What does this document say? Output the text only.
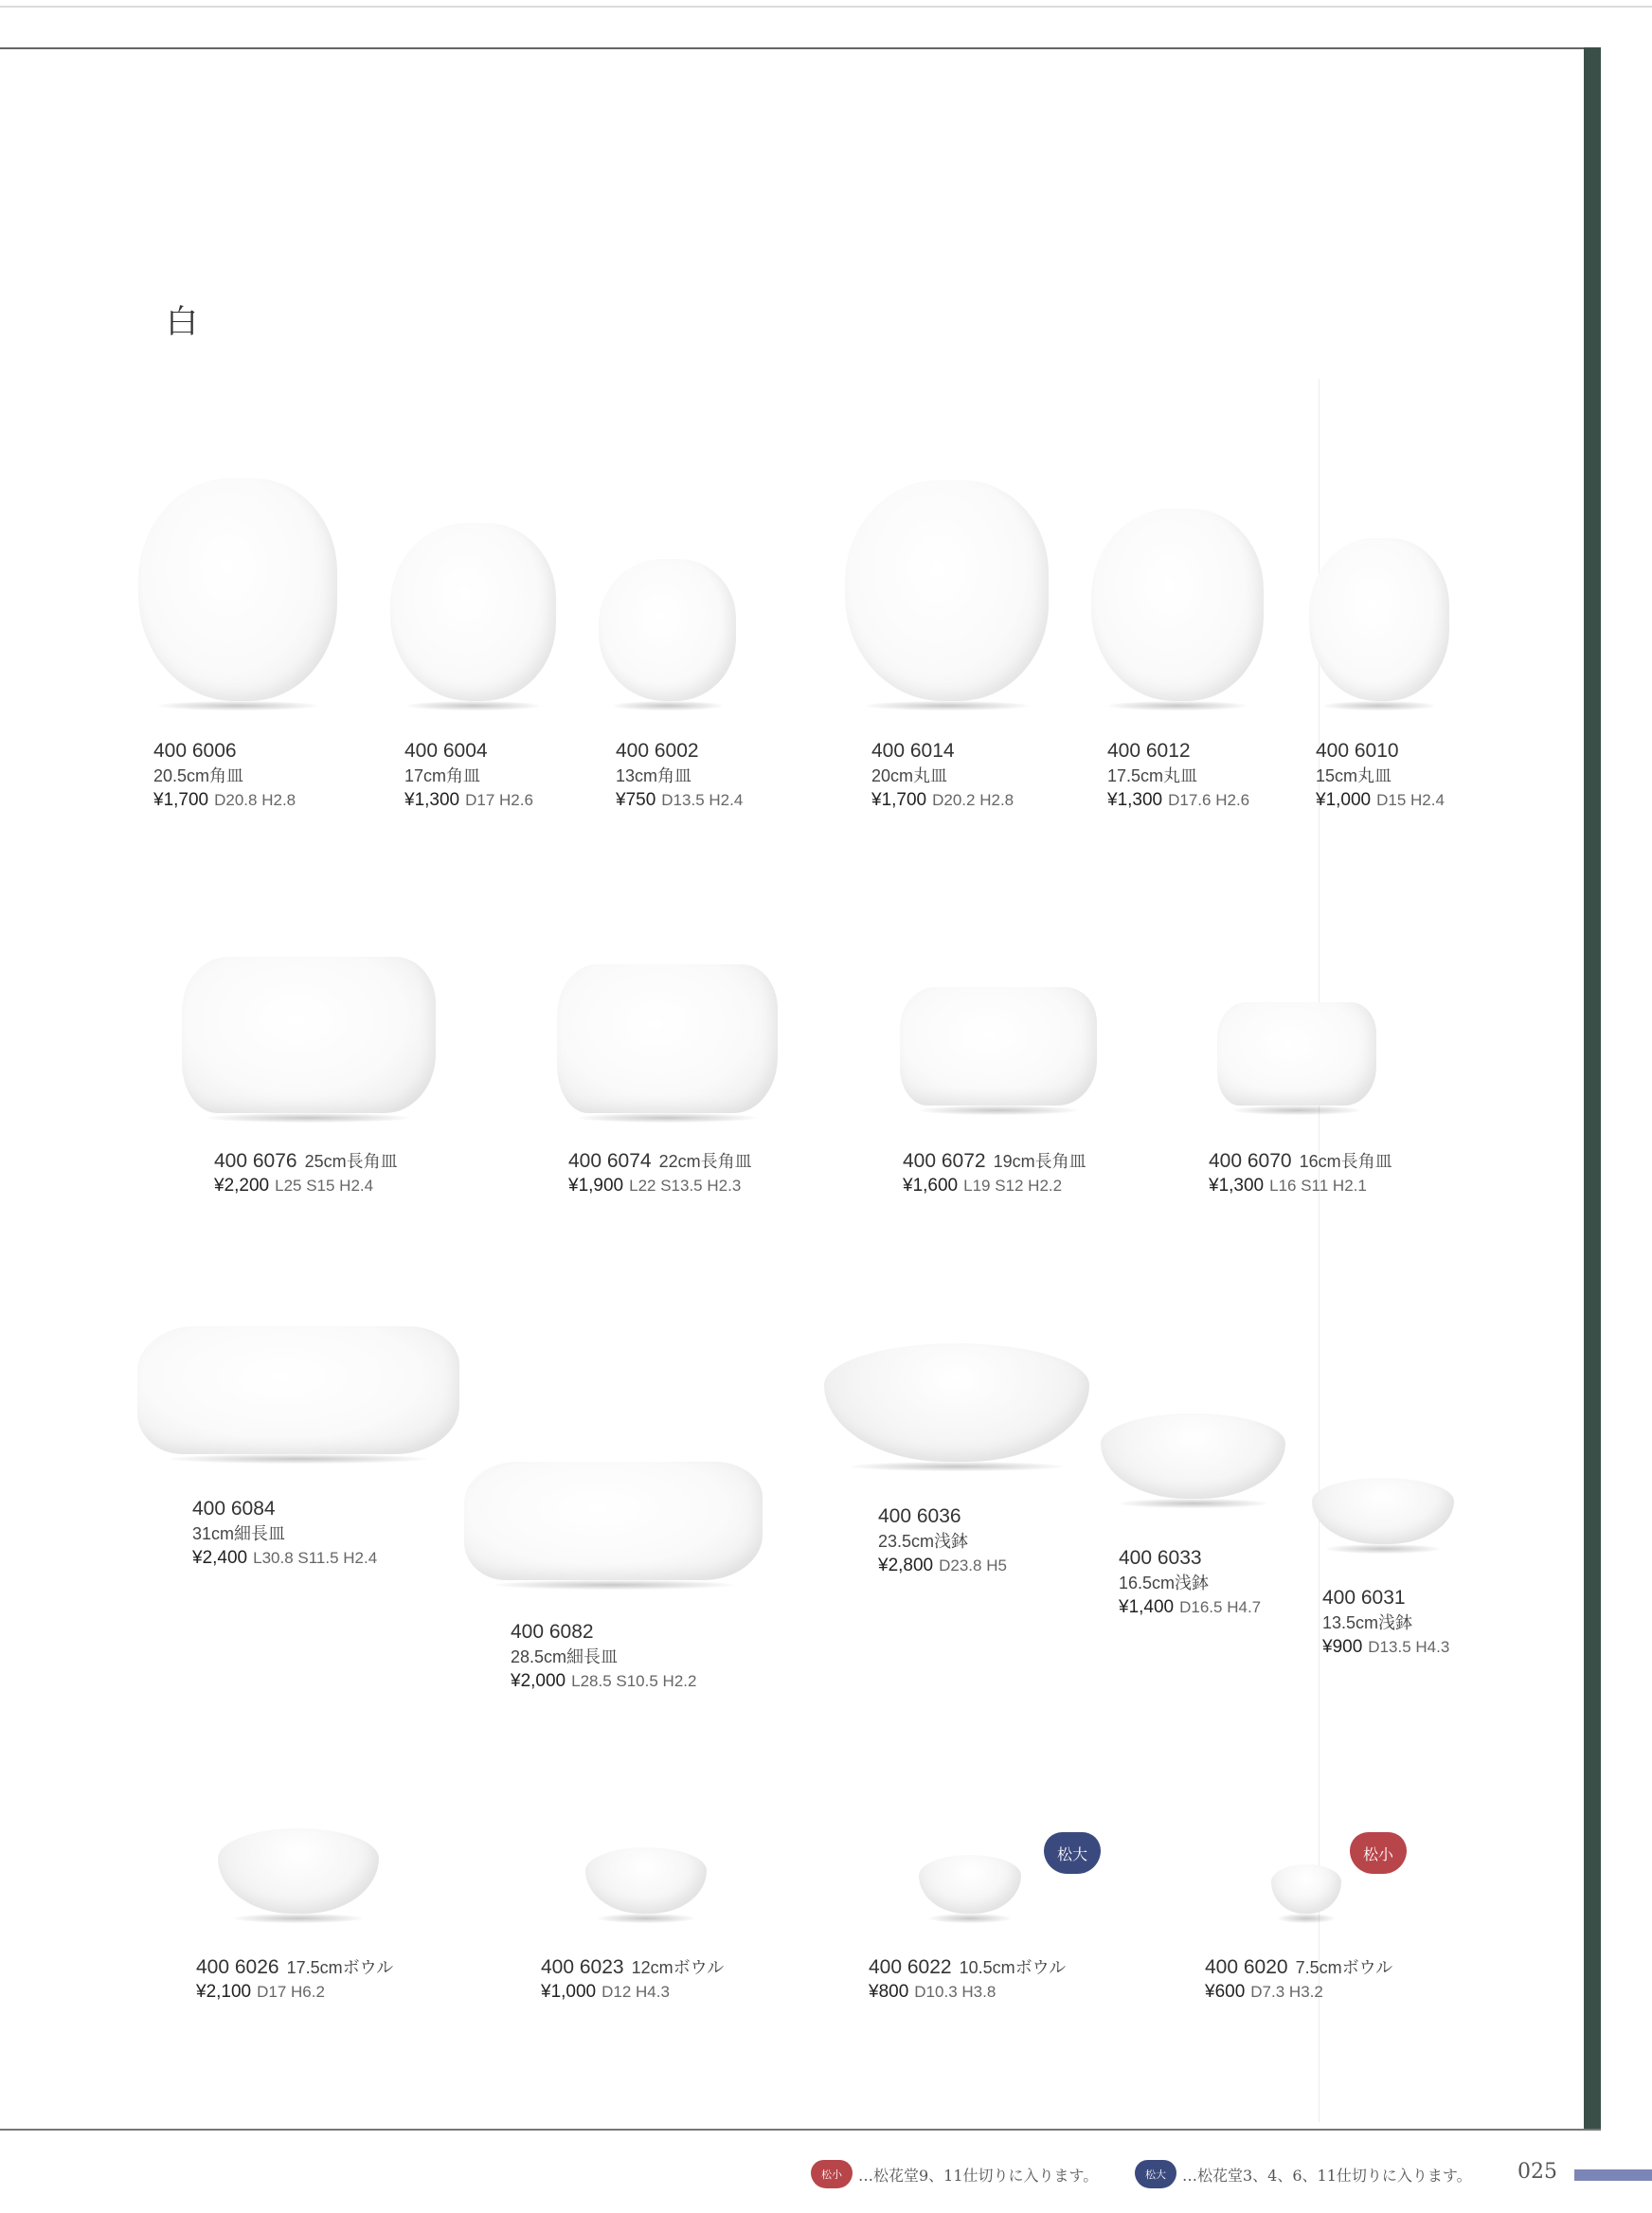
白
400 6006
20.5cm角皿
¥1,700 D20.8 H2.8
400 6004
17cm角皿
¥1,300 D17 H2.6
400 6002
13cm角皿
¥750 D13.5 H2.4
400 6014
20cm丸皿
¥1,700 D20.2 H2.8
400 6012
17.5cm丸皿
¥1,300 D17.6 H2.6
400 6010
15cm丸皿
¥1,000 D15 H2.4
400 6076 25cm長角皿
¥2,200 L25 S15 H2.4
400 6074 22cm長角皿
¥1,900 L22 S13.5 H2.3
400 6072 19cm長角皿
¥1,600 L19 S12 H2.2
400 6070 16cm長角皿
¥1,300 L16 S11 H2.1
400 6084
31cm細長皿
¥2,400 L30.8 S11.5 H2.4
400 6082
28.5cm細長皿
¥2,000 L28.5 S10.5 H2.2
400 6036
23.5cm浅鉢
¥2,800 D23.8 H5	400 6033
16.5cm浅鉢
¥1,400 D16.5 H4.7	400 6031
13.5cm浅鉢
¥900 D13.5 H4.3
松大	松小
400 6026 17.5cmボウル
¥2,100 D17 H6.2
400 6023 12cmボウル
¥1,000 D12 H4.3
400 6022 10.5cmボウル
¥800 D10.3 H3.8
400 6020 7.5cmボウル
¥600 D7.3 H3.2
松小	…松花堂9、11仕切りに入ります。	松大	…松花堂3、4、6、11仕切りに入ります。 025
